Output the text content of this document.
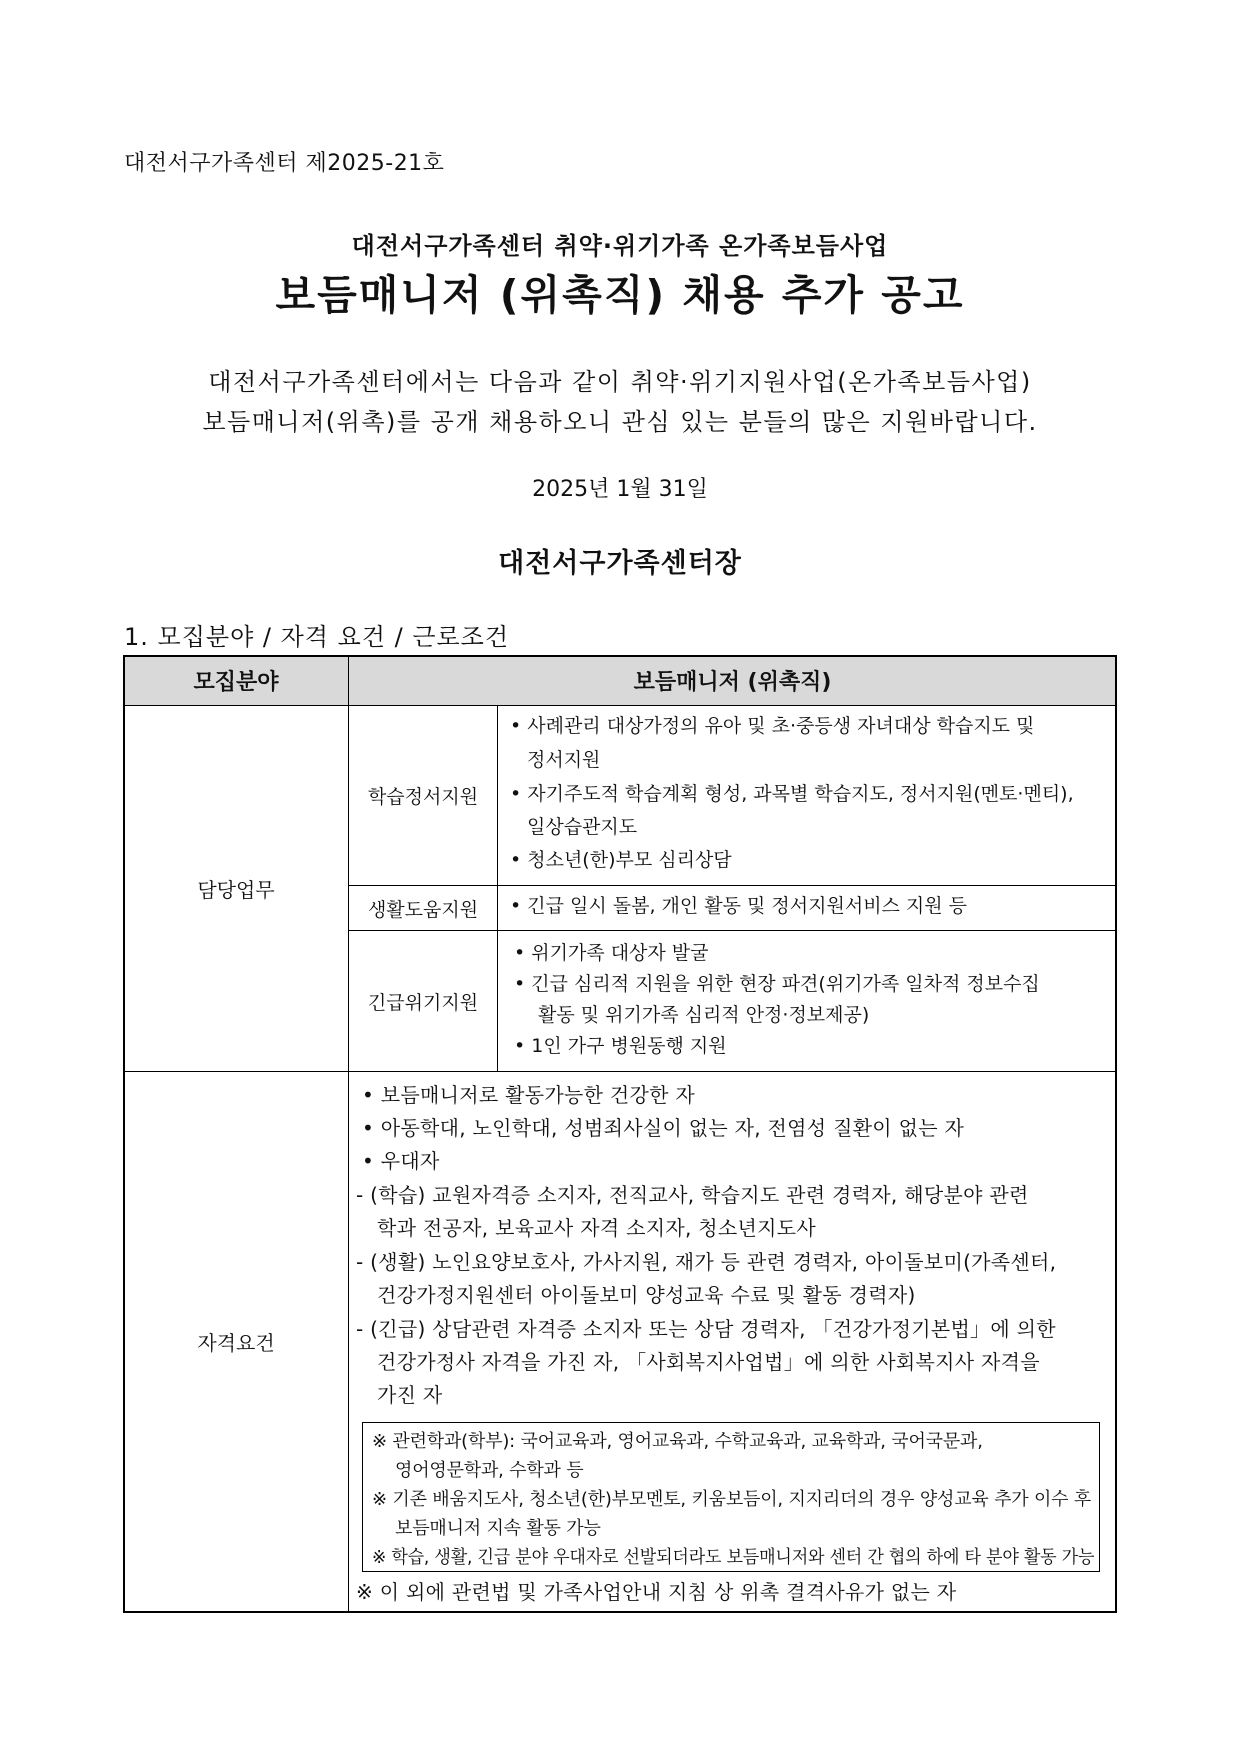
대전서구가족센터 제2025-21호
대전서구가족센터 취약·위기가족 온가족보듬사업
보듬매니저 (위촉직) 채용 추가 공고
대전서구가족센터에서는 다음과 같이 취약·위기지원사업(온가족보듬사업)
보듬매니저(위촉)를 공개 채용하오니 관심 있는 분들의 많은 지원바랍니다.
2025년 1월 31일
대전서구가족센터장
1. 모집분야 / 자격 요건 / 근로조건
모집분야	보듬매니저 (위촉직)
담당업무
학습정서지원
생활도움지원
긴급위기지원
• 사례관리 대상가정의 유아 및 초·중등생 자녀대상 학습지도 및
정서지원
• 자기주도적 학습계획 형성, 과목별 학습지도, 정서지원(멘토·멘티),
일상습관지도
• 청소년(한)부모 심리상담
• 긴급 일시 돌봄, 개인 활동 및 정서지원서비스 지원 등
• 위기가족 대상자 발굴
• 긴급 심리적 지원을 위한 현장 파견(위기가족 일차적 정보수집
활동 및 위기가족 심리적 안정·정보제공)
• 1인 가구 병원동행 지원
자격요건
• 보듬매니저로 활동가능한 건강한 자
• 아동학대, 노인학대, 성범죄사실이 없는 자, 전염성 질환이 없는 자
• 우대자
- (학습) 교원자격증 소지자, 전직교사, 학습지도 관련 경력자, 해당분야 관련
학과 전공자, 보육교사 자격 소지자, 청소년지도사
- (생활) 노인요양보호사, 가사지원, 재가 등 관련 경력자, 아이돌보미(가족센터,
건강가정지원센터 아이돌보미 양성교육 수료 및 활동 경력자)
- (긴급) 상담관련 자격증 소지자 또는 상담 경력자, 「건강가정기본법」에 의한
건강가정사 자격을 가진 자, 「사회복지사업법」에 의한 사회복지사 자격을
가진 자
※ 관련학과(학부): 국어교육과, 영어교육과, 수학교육과, 교육학과, 국어국문과,
영어영문학과, 수학과 등
※ 기존 배움지도사, 청소년(한)부모멘토, 키움보듬이, 지지리더의 경우 양성교육 추가 이수 후
보듬매니저 지속 활동 가능
※ 학습, 생활, 긴급 분야 우대자로 선발되더라도 보듬매니저와 센터 간 협의 하에 타 분야 활동 가능
※ 이 외에 관련법 및 가족사업안내 지침 상 위촉 결격사유가 없는 자
